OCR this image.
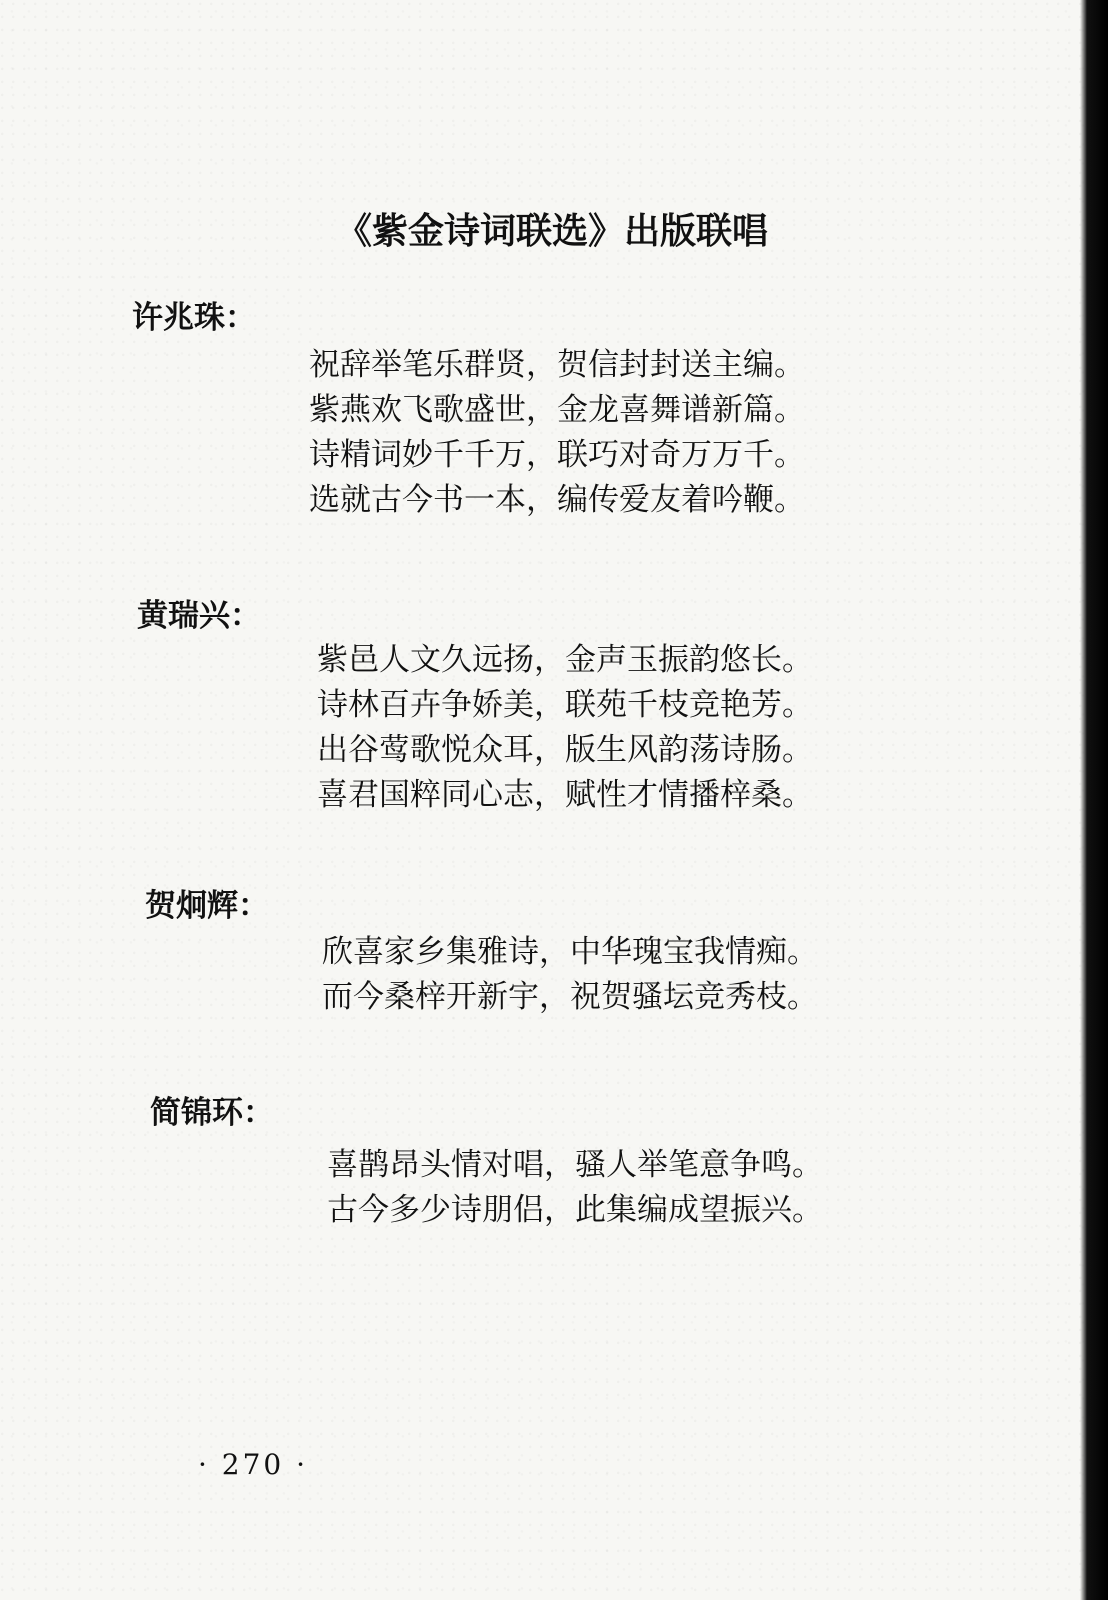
《紫金诗词联选》出版联唱
许兆珠：
祝辞举笔乐群贤，贺信封封送主编。
紫燕欢飞歌盛世，金龙喜舞谱新篇。
诗精词妙千千万，联巧对奇万万千。
选就古今书一本，编传爱友着吟鞭。
黄瑞兴：
紫邑人文久远扬，金声玉振韵悠长。
诗林百卉争娇美，联苑千枝竞艳芳。
出谷莺歌悦众耳，版生风韵荡诗肠。
喜君国粹同心志，赋性才情播梓桑。
贺炯辉：
欣喜家乡集雅诗，中华瑰宝我情痴。
而今桑梓开新宇，祝贺骚坛竞秀枝。
简锦环：
喜鹊昂头情对唱，骚人举笔意争鸣。
古今多少诗朋侣，此集编成望振兴。
· 270 ·
